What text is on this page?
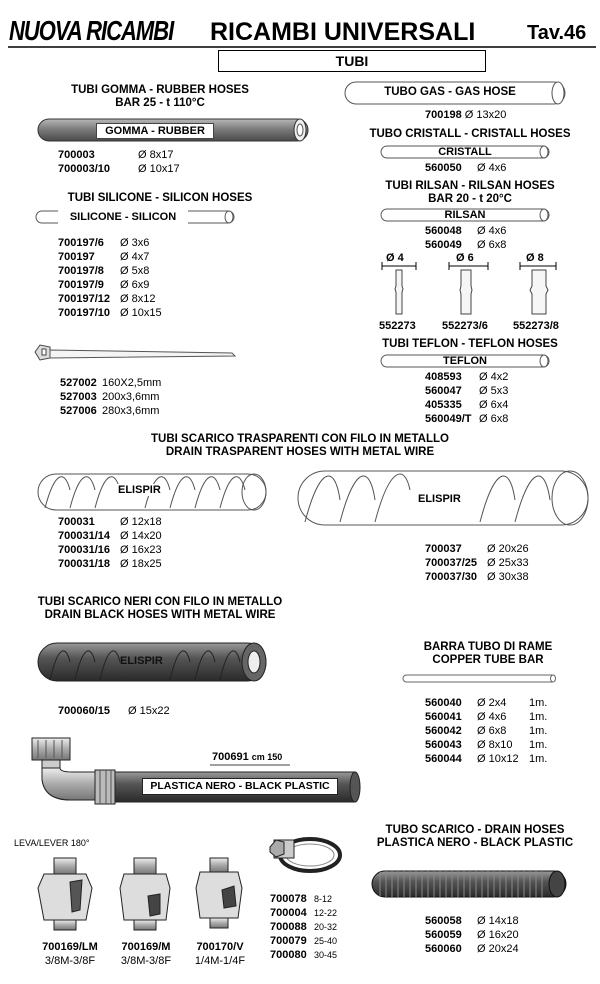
NUOVA RICAMBI RICAMBI UNIVERSALI	Tav.46
TUBI
TUBI GOMMA - RUBBER HOSES
BAR 25 - t 110°C
GOMMA - RUBBER
700003	Ø 8x17
700003/10	Ø 10x17
TUBI SILICONE - SILICON HOSES
SILICONE - SILICON
700197/6 Ø 3x6
700197 Ø 4x7
700197/8 Ø 5x8
700197/9 Ø 6x9
700197/12 Ø 8x12
700197/10 Ø 10x15
527002 160X2,5mm
527003 200x3,6mm
527006 280x3,6mm
TUBO GAS - GAS HOSE
700198 Ø 13x20
TUBO CRISTALL - CRISTALL HOSES
CRISTALL
560050 Ø 4x6
TUBI RILSAN - RILSAN HOSES
BAR 20 - t 20°C
RILSAN
560048 Ø 4x6
560049 Ø 6x8
Ø 4	Ø 6	Ø 8
552273 552273/6 552273/8
TUBI TEFLON - TEFLON HOSES
TEFLON
408593 Ø 4x2
560047 Ø 5x3
405335 Ø 6x4
560049/T Ø 6x8
TUBI SCARICO TRASPARENTI CON FILO IN METALLO
DRAIN TRASPARENT HOSES WITH METAL WIRE
ELISPIR
ELISPIR
700031 Ø 12x18
700031/14 Ø 14x20
700031/16 Ø 16x23
700031/18 Ø 18x25
700037 Ø 20x26
700037/25 Ø 25x33
700037/30 Ø 30x38
TUBI SCARICO NERI CON FILO IN METALLO
DRAIN BLACK HOSES WITH METAL WIRE
ELISPIR
700060/15 Ø 15x22
BARRA TUBO DI RAME
COPPER TUBE BAR
560040 Ø 2x4 1m.
560041 Ø 4x6 1m.
560042 Ø 6x8 1m.
560043 Ø 8x10 1m.
560044 Ø 10x12 1m.
700691 cm 150
PLASTICA NERO - BLACK PLASTIC
LEVA/LEVER 180°
700169/LM
3/8M-3/8F
700169/M
3/8M-3/8F
700170/V
1/4M-1/4F
700078 8-12
700004 12-22
700088 20-32
700079 25-40
700080 30-45
TUBO SCARICO - DRAIN HOSES
PLASTICA NERO - BLACK PLASTIC
560058 Ø 14x18
560059 Ø 16x20
560060 Ø 20x24
